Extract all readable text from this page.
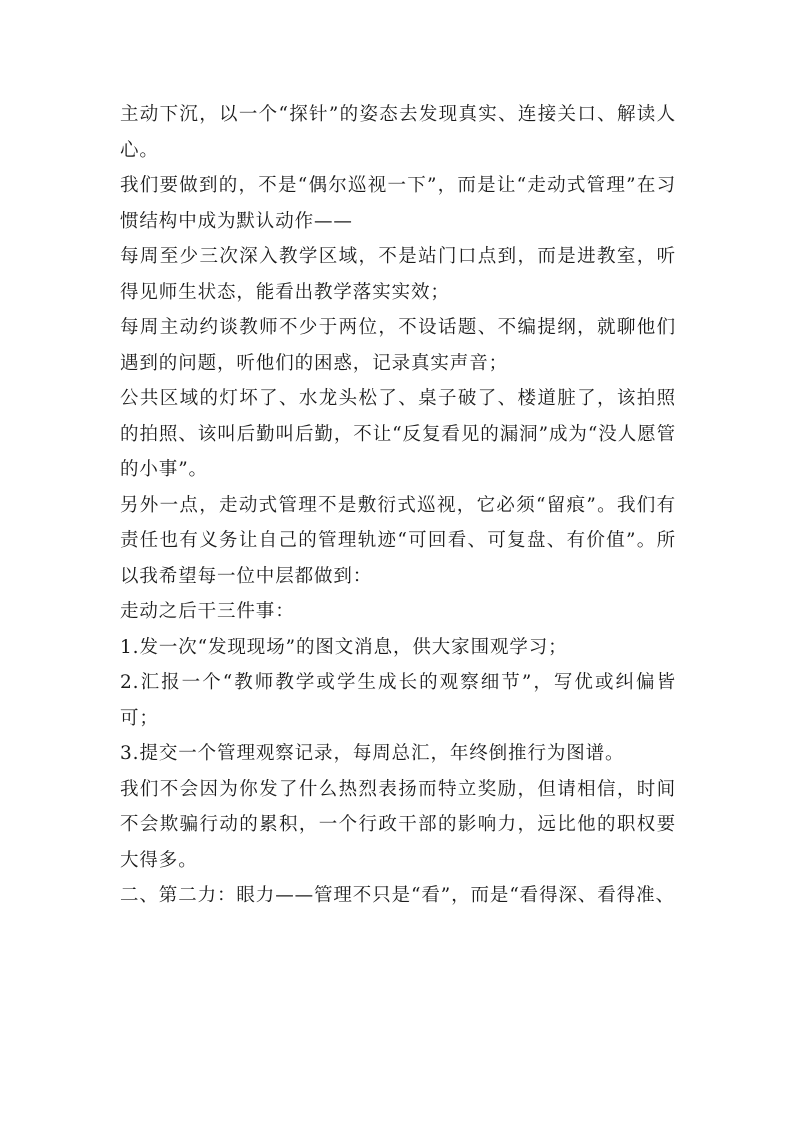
主动下沉，以一个“探针”的姿态去发现真实、连接关口、解读人心。

我们要做到的，不是“偶尔巡视一下”，而是让“走动式管理”在习惯结构中成为默认动作——

每周至少三次深入教学区域，不是站门口点到，而是进教室，听得见师生状态，能看出教学落实实效；

每周主动约谈教师不少于两位，不设话题、不编提纲，就聊他们遇到的问题，听他们的困惑，记录真实声音；

公共区域的灯坏了、水龙头松了、桌子破了、楼道脏了，该拍照的拍照、该叫后勤叫后勤，不让“反复看见的漏洞”成为“没人愿管的小事”。

另外一点，走动式管理不是敷衍式巡视，它必须“留痕”。我们有责任也有义务让自己的管理轨迹“可回看、可复盘、有价值”。所以我希望每一位中层都做到：

走动之后干三件事：

1.发一次“发现现场”的图文消息，供大家围观学习；

2.汇报一个“教师教学或学生成长的观察细节”，写优或纠偏皆可；

3.提交一个管理观察记录，每周总汇，年终倒推行为图谱。

我们不会因为你发了什么热烈表扬而特立奖励，但请相信，时间不会欺骗行动的累积，一个行政干部的影响力，远比他的职权要大得多。

二、第二力：眼力——管理不只是“看”，而是“看得深、看得准、
